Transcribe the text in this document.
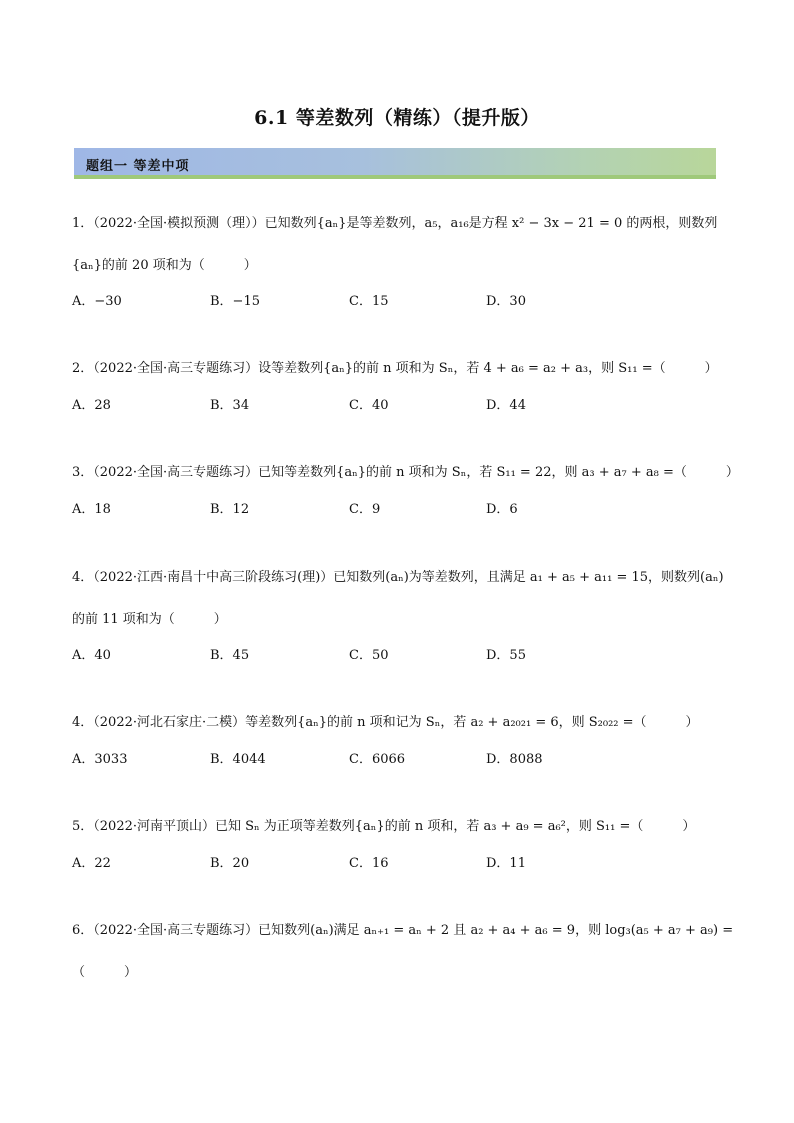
6.1 等差数列（精练）（提升版）
题组一 等差中项
1．（2022·全国·模拟预测（理））已知数列{aₙ}是等差数列，a₅，a₁₆是方程 x² − 3x − 21 = 0 的两根，则数列
{aₙ}的前 20 项和为（　　　）
A．−30	B．−15	C．15	D．30
2．（2022·全国·高三专题练习）设等差数列{aₙ}的前 n 项和为 Sₙ，若 4 + a₆ = a₂ + a₃，则 S₁₁ =（　　　）
A．28	B．34	C．40	D．44
3．（2022·全国·高三专题练习）已知等差数列{aₙ}的前 n 项和为 Sₙ，若 S₁₁ = 22，则 a₃ + a₇ + a₈ =（　　　）
A．18	B．12	C．9	D．6
4．（2022·江西·南昌十中高三阶段练习(理)）已知数列(aₙ)为等差数列，且满足 a₁ + a₅ + a₁₁ = 15，则数列(aₙ)
的前 11 项和为（　　　）
A．40	B．45	C．50	D．55
4．（2022·河北石家庄·二模）等差数列{aₙ}的前 n 项和记为 Sₙ，若 a₂ + a₂₀₂₁ = 6，则 S₂₀₂₂ =（　　　）
A．3033	B．4044	C．6066	D．8088
5．（2022·河南平顶山）已知 Sₙ 为正项等差数列{aₙ}的前 n 项和，若 a₃ + a₉ = a₆²，则 S₁₁ =（　　　）
A．22	B．20	C．16	D．11
6．（2022·全国·高三专题练习）已知数列(aₙ)满足 aₙ₊₁ = aₙ + 2 且 a₂ + a₄ + a₆ = 9，则 log₃(a₅ + a₇ + a₉) =
（　　　）
